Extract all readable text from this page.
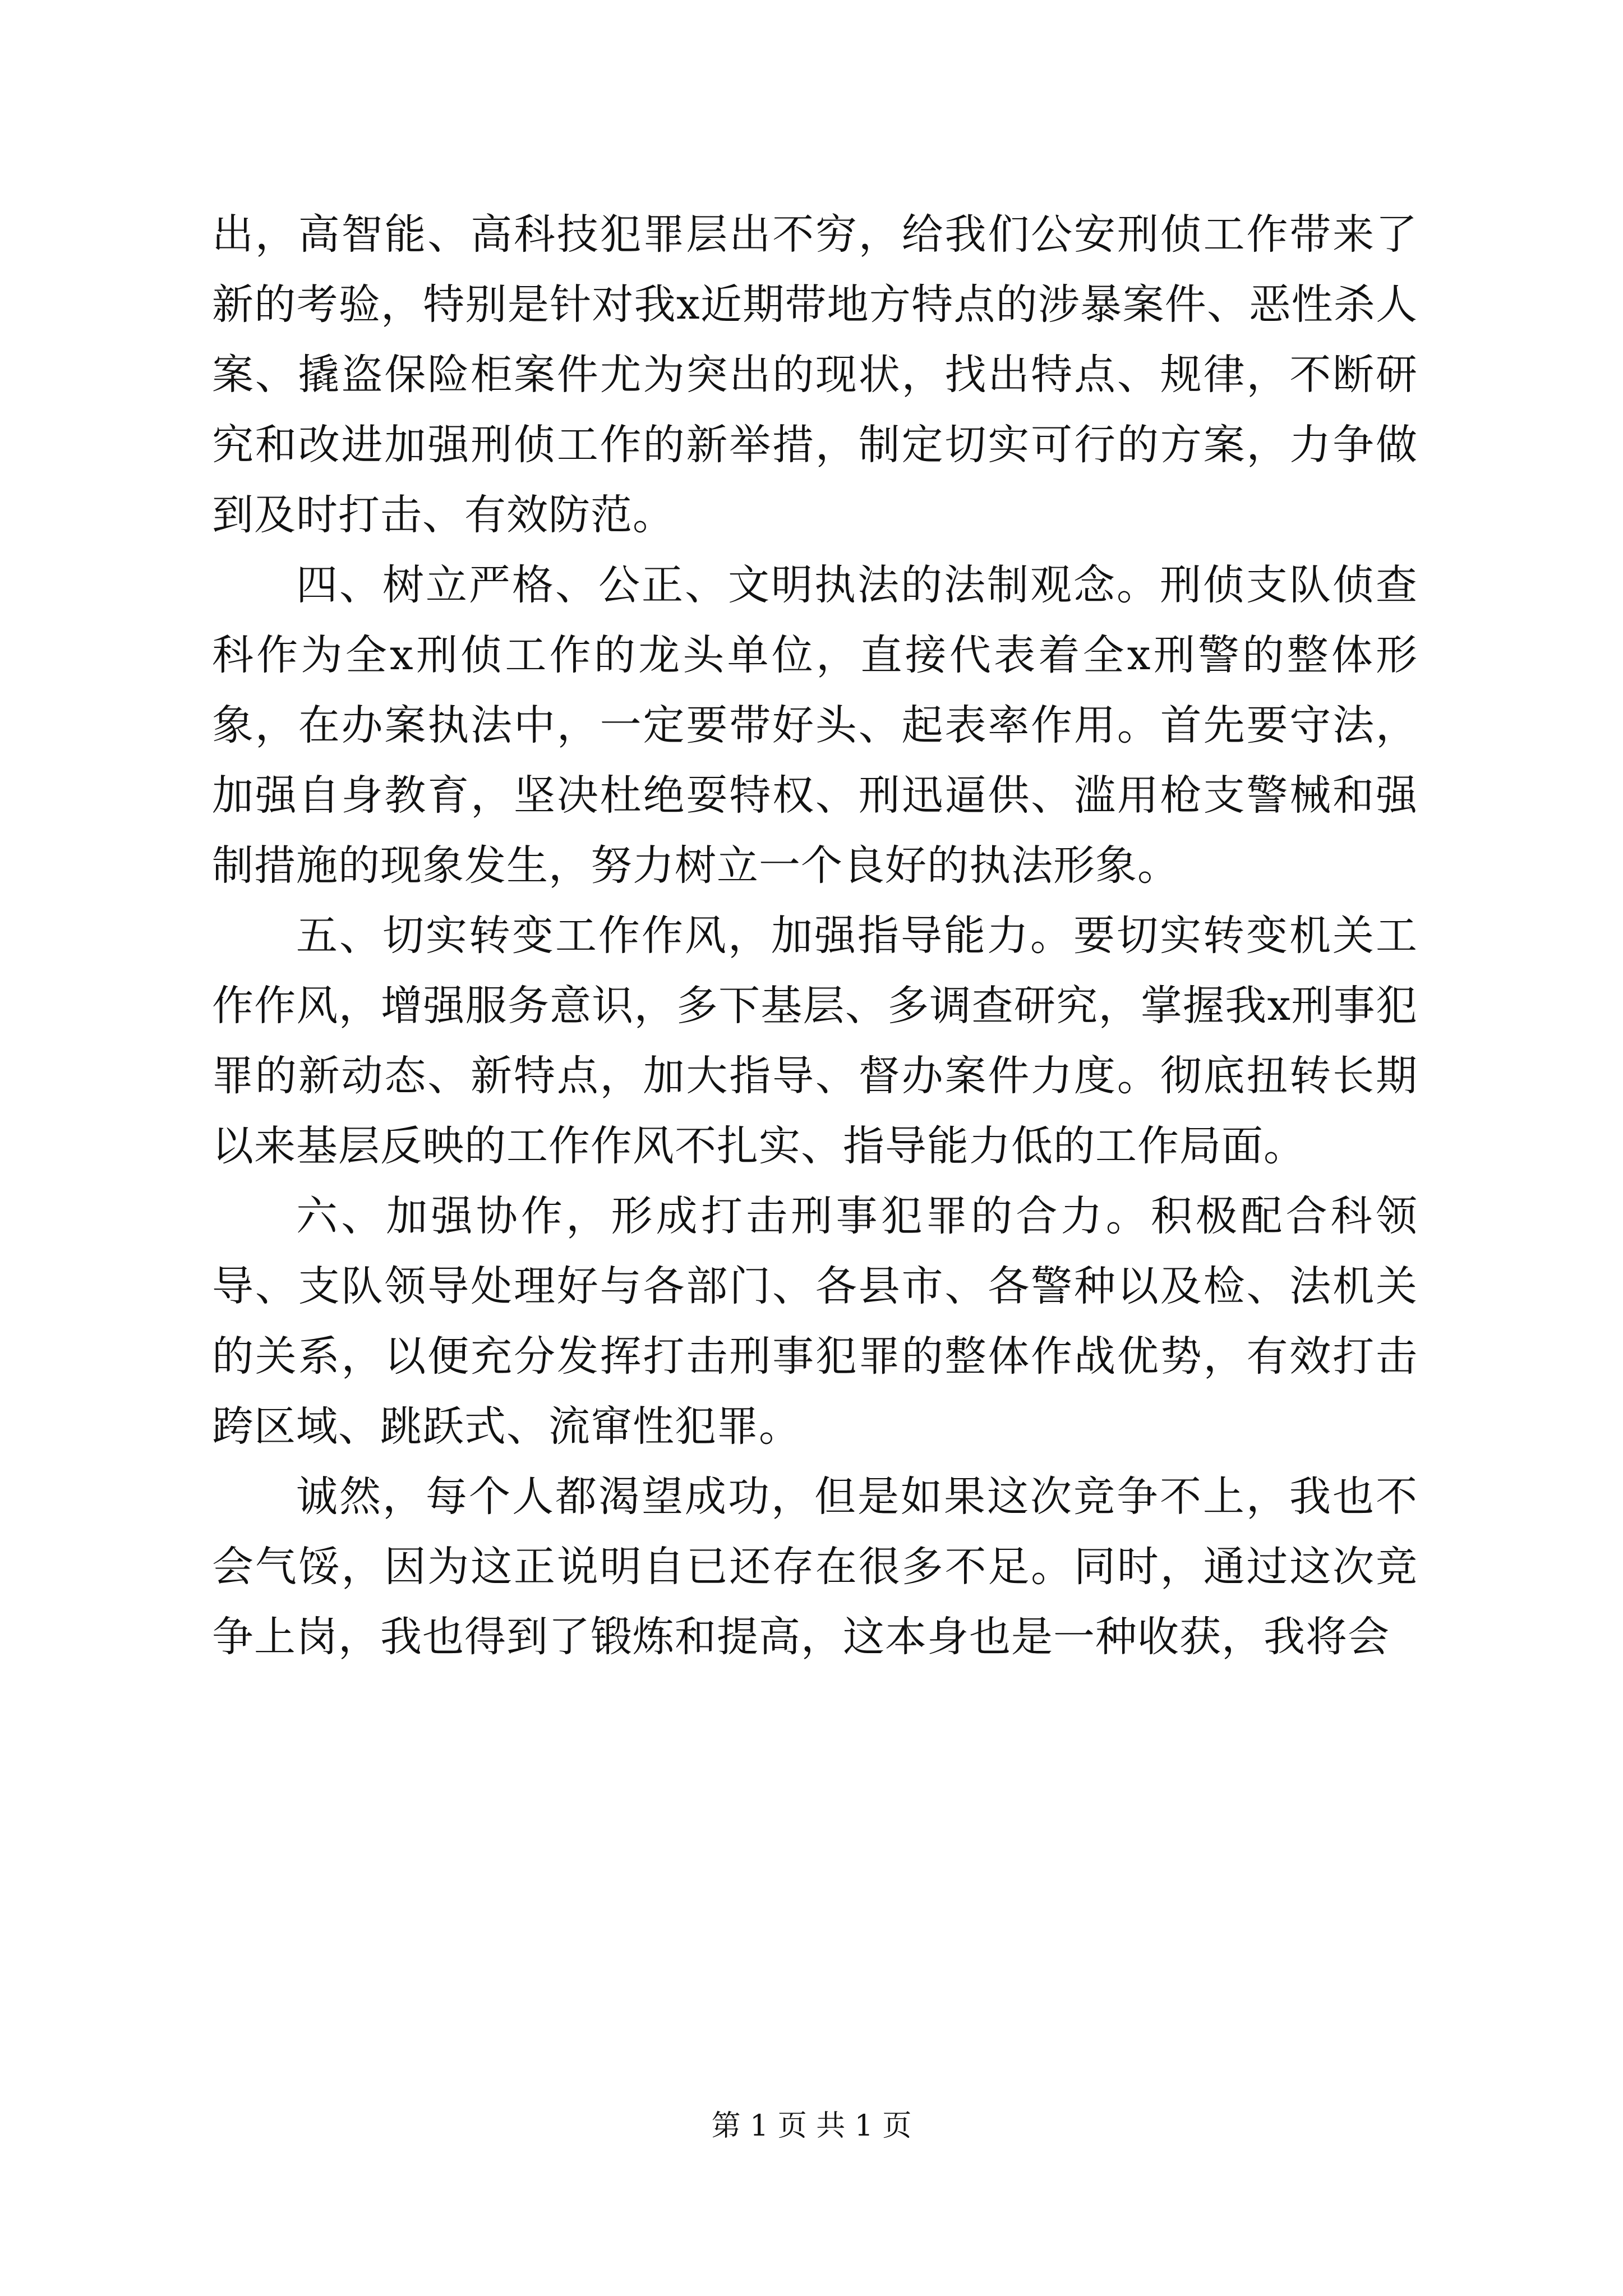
出，高智能、高科技犯罪层出不穷，给我们公安刑侦工作带来了新的考验，特别是针对我x近期带地方特点的涉暴案件、恶性杀人案、撬盗保险柜案件尤为突出的现状，找出特点、规律，不断研究和改进加强刑侦工作的新举措，制定切实可行的方案，力争做到及时打击、有效防范。

四、树立严格、公正、文明执法的法制观念。刑侦支队侦查科作为全x刑侦工作的龙头单位，直接代表着全x刑警的整体形象，在办案执法中，一定要带好头、起表率作用。首先要守法，加强自身教育，坚决杜绝耍特权、刑迅逼供、滥用枪支警械和强制措施的现象发生，努力树立一个良好的执法形象。

五、切实转变工作作风，加强指导能力。要切实转变机关工作作风，增强服务意识，多下基层、多调查研究，掌握我x刑事犯罪的新动态、新特点，加大指导、督办案件力度。彻底扭转长期以来基层反映的工作作风不扎实、指导能力低的工作局面。

六、加强协作，形成打击刑事犯罪的合力。积极配合科领导、支队领导处理好与各部门、各县市、各警种以及检、法机关的关系，以便充分发挥打击刑事犯罪的整体作战优势，有效打击跨区域、跳跃式、流窜性犯罪。

诚然，每个人都渴望成功，但是如果这次竞争不上，我也不会气馁，因为这正说明自已还存在很多不足。同时，通过这次竞争上岗，我也得到了锻炼和提高，这本身也是一种收获，我将会

第 1 页 共 1 页
